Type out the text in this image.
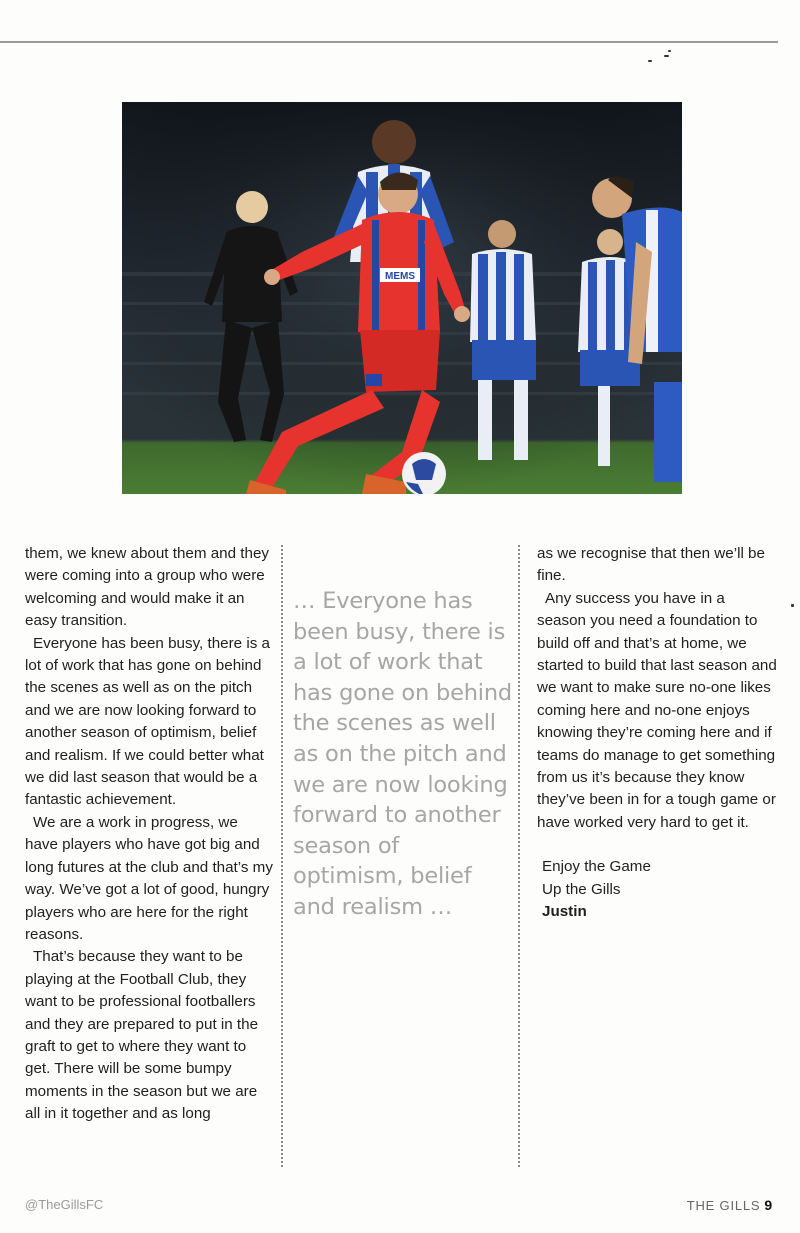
MEMS

them, we knew about them and they were coming into a group who were welcoming and would make it an easy transition.

Everyone has been busy, there is a lot of work that has gone on behind the scenes as well as on the pitch and we are now looking forward to another season of optimism, belief and realism. If we could better what we did last season that would be a fantastic achievement.

We are a work in progress, we have players who have got big and long futures at the club and that’s my way. We’ve got a lot of good, hungry players who are here for the right reasons.

That’s because they want to be playing at the Football Club, they want to be professional footballers and they are prepared to put in the graft to get to where they want to get. There will be some bumpy moments in the season but we are all in it together and as long

… Everyone has been busy, there is a lot of work that has gone on behind the scenes as well as on the pitch and we are now looking forward to another season of optimism, belief and realism …

as we recognise that then we’ll be fine.

Any success you have in a season you need a foundation to build off and that’s at home, we started to build that last season and we want to make sure no-one likes coming here and no-one enjoys knowing they’re coming here and if teams do manage to get something from us it’s because they know they’ve been in for a tough game or have worked very hard to get it.

Enjoy the Game
Up the Gills
Justin
@TheGillsFC	THE GILLS 9
